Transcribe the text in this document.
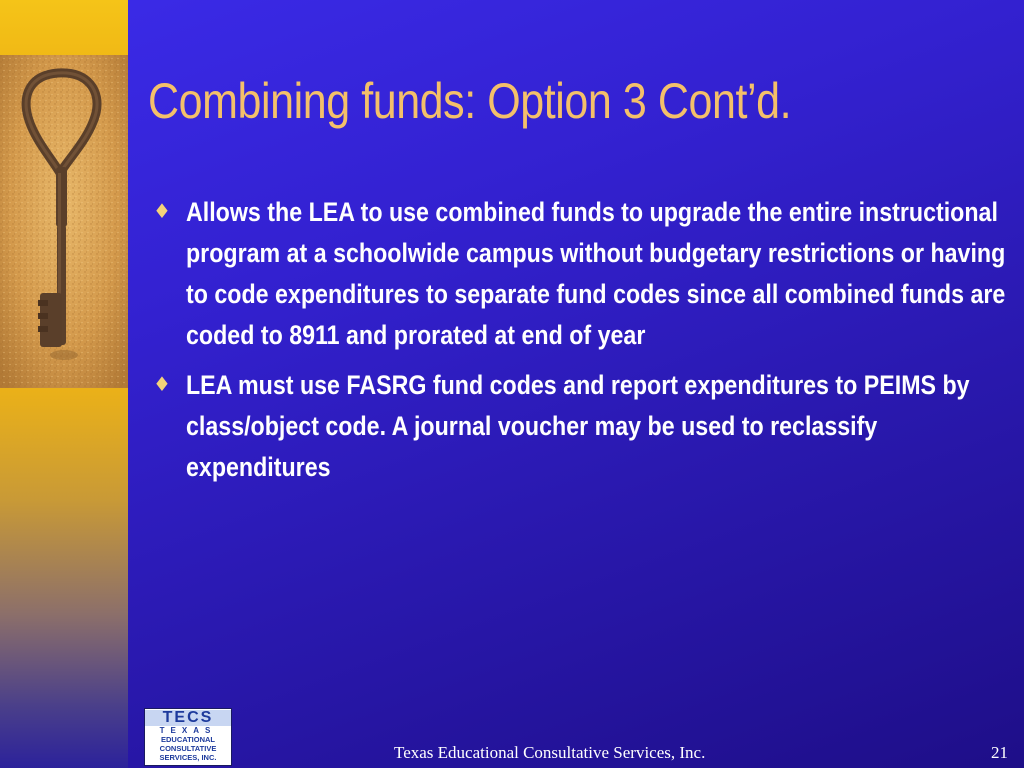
Combining funds: Option 3 Cont’d.
♦ Allows the LEA to use combined funds to upgrade the entire instructional program at a schoolwide campus without budgetary restrictions or having to code expenditures to separate fund codes since all combined funds are coded to 8911 and prorated at end of year
♦ LEA must use FASRG fund codes and report expenditures to PEIMS by class/object code. A journal voucher may be used to reclassify expenditures
TECS
TEXAS
EDUCATIONAL
CONSULTATIVE
SERVICES, INC.	Texas Educational Consultative Services, Inc.	21
